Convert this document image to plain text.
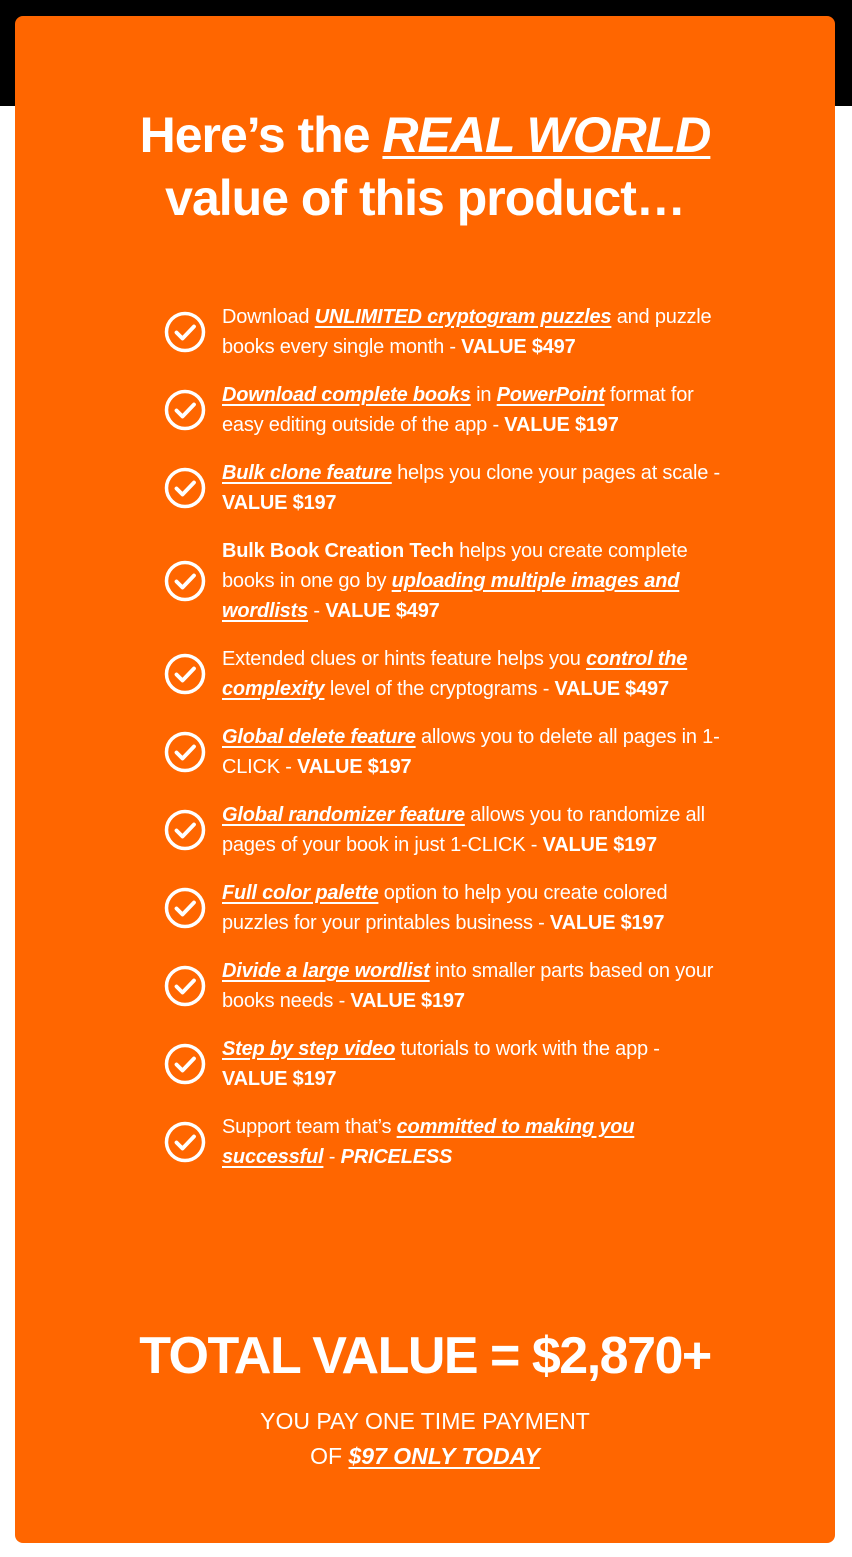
Here’s the REAL WORLD
value of this product…
Download UNLIMITED cryptogram puzzles and puzzle books every single month - VALUE $497
Download complete books in PowerPoint format for easy editing outside of the app - VALUE $197
Bulk clone feature helps you clone your pages at scale - VALUE $197
Bulk Book Creation Tech helps you create complete books in one go by uploading multiple images and wordlists - VALUE $497
Extended clues or hints feature helps you control the complexity level of the cryptograms - VALUE $497
Global delete feature allows you to delete all pages in 1-CLICK - VALUE $197
Global randomizer feature allows you to randomize all pages of your book in just 1-CLICK - VALUE $197
Full color palette option to help you create colored puzzles for your printables business - VALUE $197
Divide a large wordlist into smaller parts based on your books needs - VALUE $197
Step by step video tutorials to work with the app - VALUE $197
Support team that’s committed to making you successful - PRICELESS
TOTAL VALUE = $2,870+
YOU PAY ONE TIME PAYMENT
OF $97 ONLY TODAY
